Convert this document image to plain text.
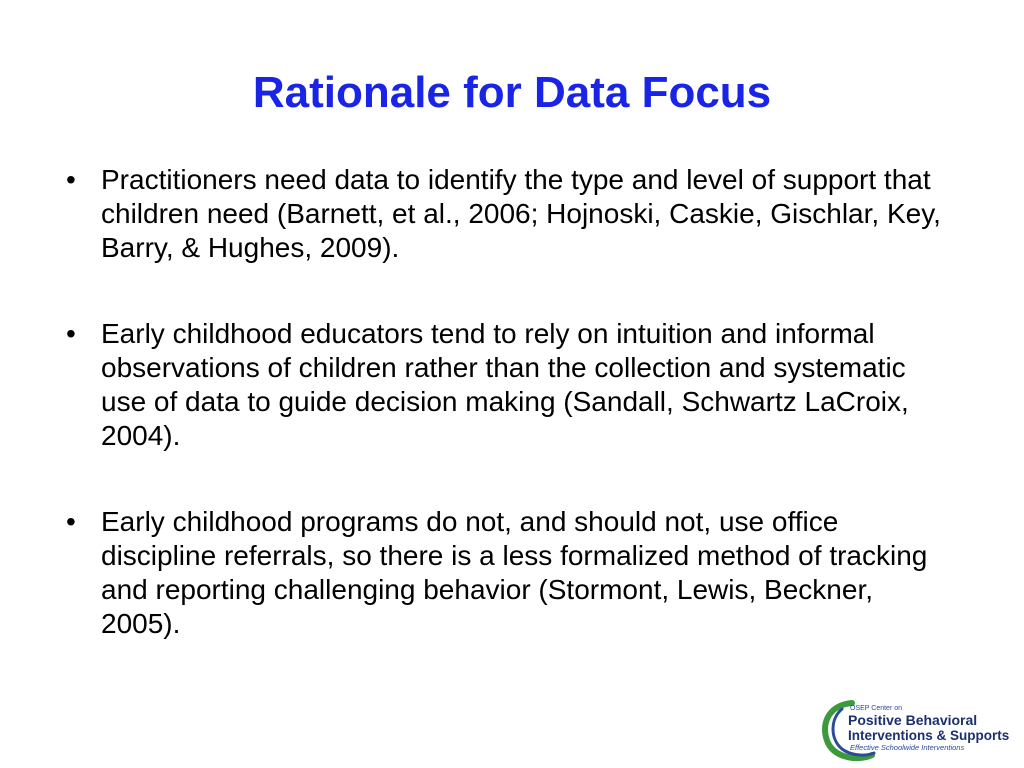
Rationale for Data Focus
• Practitioners need data to identify the type and level of support that children need (Barnett, et al., 2006; Hojnoski, Caskie, Gischlar, Key, Barry, & Hughes, 2009).
• Early childhood educators tend to rely on intuition and informal observations of children rather than the collection and systematic use of data to guide decision making (Sandall, Schwartz LaCroix, 2004).
• Early childhood programs do not, and should not, use office discipline referrals, so there is a less formalized method of tracking and reporting challenging behavior (Stormont, Lewis, Beckner, 2005).
OSEP Center on
Positive Behavioral
Interventions & Supports
Effective Schoolwide Interventions
